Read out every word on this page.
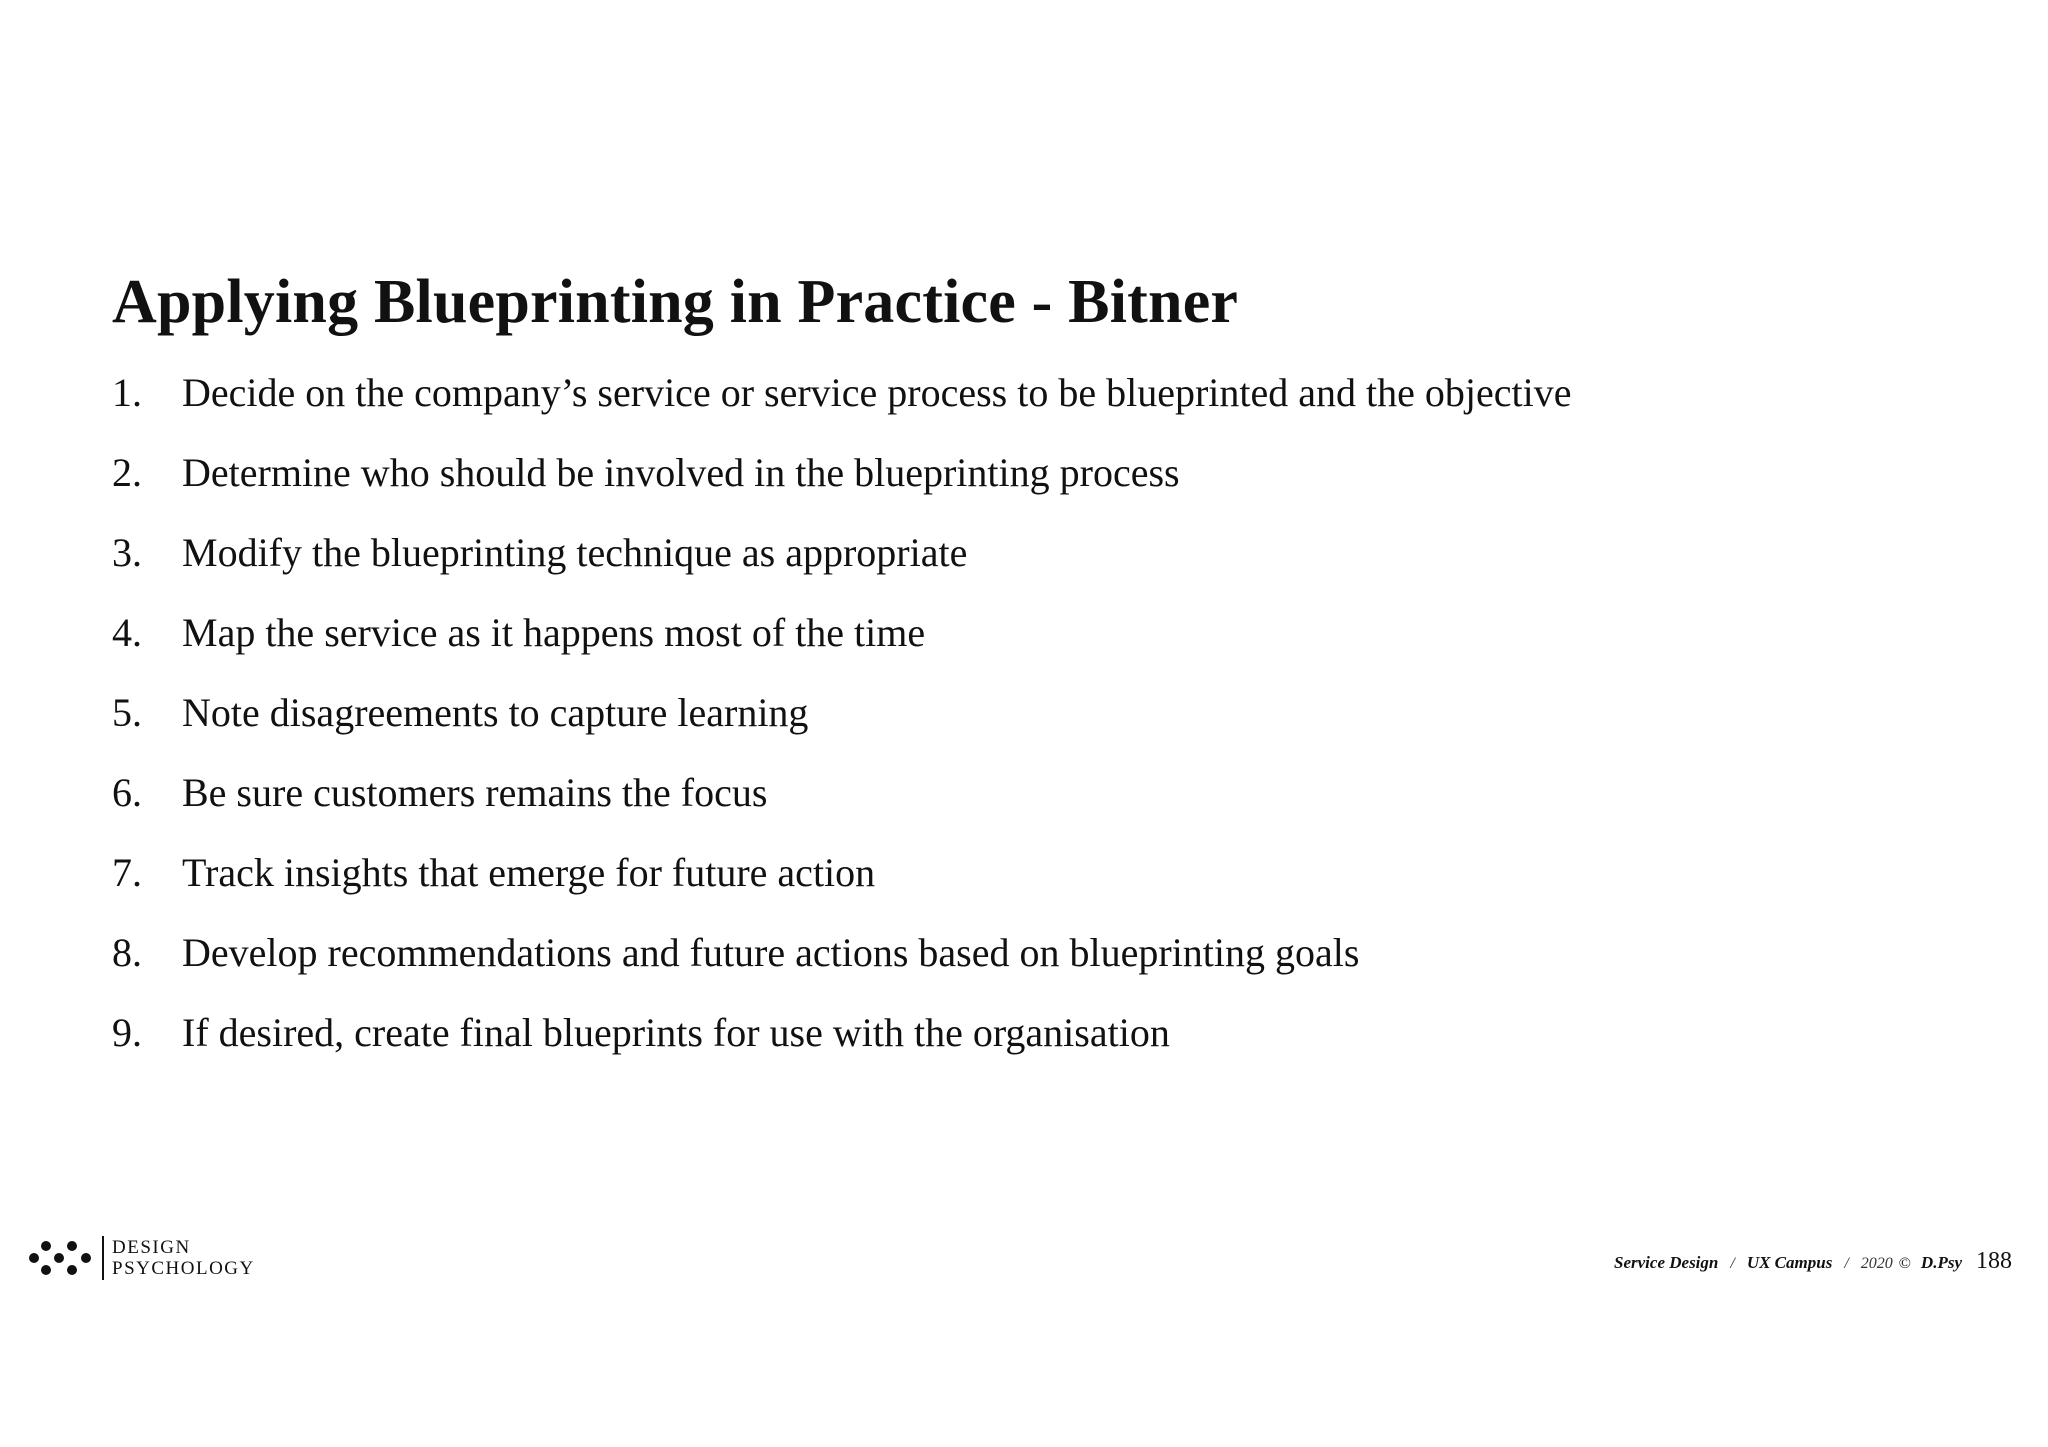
Applying Blueprinting in Practice - Bitner
1.	Decide on the company’s service or service process to be blueprinted and the objective
2.	Determine who should be involved in the blueprinting process
3.	Modify the blueprinting technique as appropriate
4.	Map the service as it happens most of the time
5.	Note disagreements to capture learning
6.	Be sure customers remains the focus
7.	Track insights that emerge for future action
8.	Develop recommendations and future actions based on blueprinting goals
9.	If desired, create final blueprints for use with the organisation
DESIGN
PSYCHOLOGY	Service Design / UX Campus / 2020 © D.Psy 188
